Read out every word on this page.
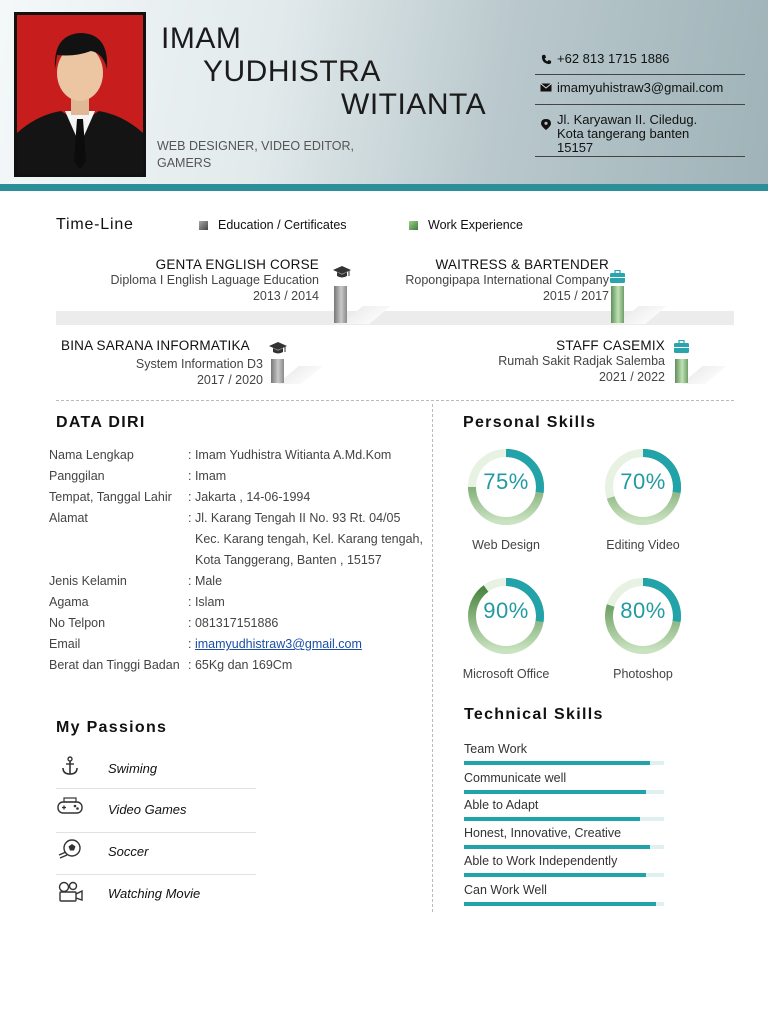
IMAM
YUDHISTRA
WITIANTA
WEB DESIGNER, VIDEO EDITOR, GAMERS
+62 813 1715 1886
imamyuhistraw3@gmail.com
Jl. Karyawan II. Ciledug.
Kota tangerang banten
15157
Time-Line	Education / Certificates	Work Experience
GENTA ENGLISH CORSE
Diploma I English Laguage Education
2013 / 2014
WAITRESS & BARTENDER
Ropongipapa International Company
2015 / 2017
BINA SARANA INFORMATIKA
System Information D3
2017 / 2020
STAFF CASEMIX
Rumah Sakit Radjak Salemba
2021 / 2022
DATA DIRI
Nama Lengkap	: Imam Yudhistra Witianta A.Md.Kom
Panggilan	: Imam
Tempat, Tanggal Lahir : Jakarta , 14-06-1994
Alamat	: Jl. Karang Tengah II No. 93 Rt. 04/05
Kec. Karang tengah, Kel. Karang tengah,
Kota Tanggerang, Banten , 15157
Jenis Kelamin	: Male
Agama	: Islam
No Telpon	: 081317151886
Email	: imamyudhistraw3@gmail.com
Berat dan Tinggi Badan : 65Kg dan 169Cm
My Passions
Swiming
Video Games
Soccer
Watching Movie
Personal Skills
75%
Web Design
70%
Editing Video
90%
Microsoft Office
80%
Photoshop
Technical Skills
Team Work
Communicate well
Able to Adapt
Honest, Innovative, Creative
Able to Work Independently
Can Work Well
